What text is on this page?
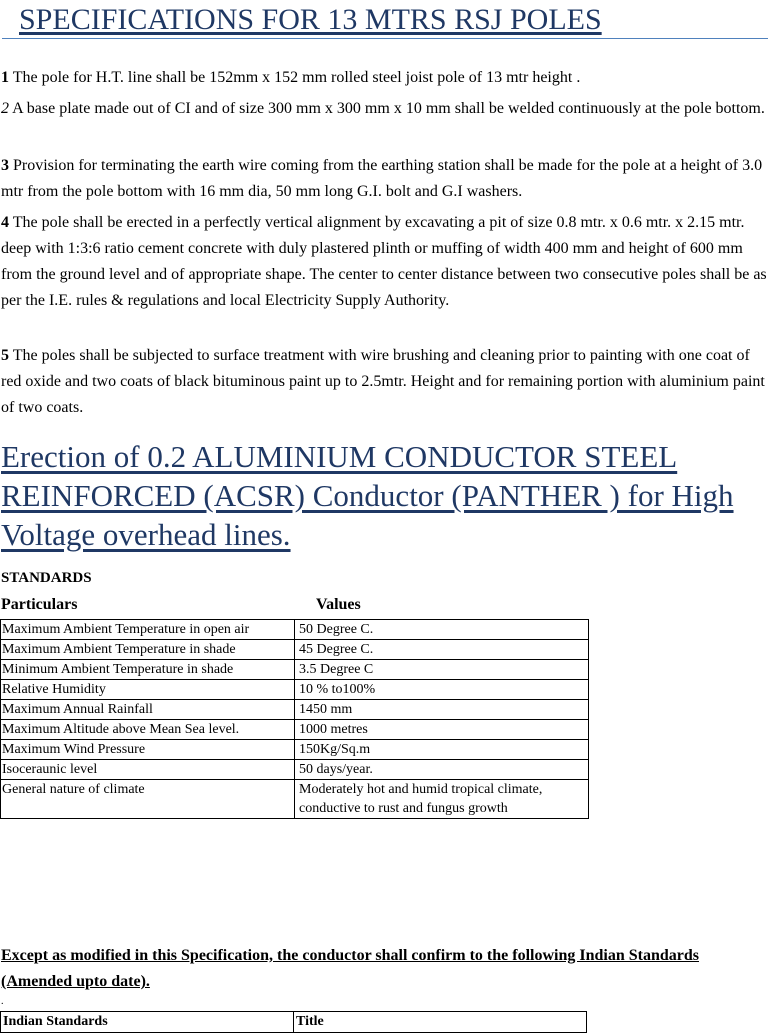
SPECIFICATIONS FOR 13 MTRS RSJ POLES
1 The pole for H.T. line shall be 152mm x 152 mm rolled steel joist pole of 13 mtr height .
2 A base plate made out of CI and of size 300 mm x 300 mm x 10 mm shall be welded continuously at the pole bottom.
3 Provision for terminating the earth wire coming from the earthing station shall be made for the pole at a height of 3.0 mtr from the pole bottom with 16 mm dia, 50 mm long G.I. bolt and G.I washers.
4 The pole shall be erected in a perfectly vertical alignment by excavating a pit of size 0.8 mtr. x 0.6 mtr. x 2.15 mtr. deep with 1:3:6 ratio cement concrete with duly plastered plinth or muffing of width 400 mm and height of 600 mm from the ground level and of appropriate shape. The center to center distance between two consecutive poles shall be as per the I.E. rules & regulations and local Electricity Supply Authority.
5 The poles shall be subjected to surface treatment with wire brushing and cleaning prior to painting with one coat of red oxide and two coats of black bituminous paint up to 2.5mtr. Height and for remaining portion with aluminium paint of two coats.
Erection of 0.2 ALUMINIUM CONDUCTOR STEEL REINFORCED (ACSR) Conductor (PANTHER ) for High Voltage overhead lines.
STANDARDS
Particulars	Values
Maximum Ambient Temperature in open air	50 Degree C.
Maximum Ambient Temperature in shade	45 Degree C.
Minimum Ambient Temperature in shade	3.5 Degree C
Relative Humidity	10 % to100%
Maximum Annual Rainfall	1450 mm
Maximum Altitude above Mean Sea level.	1000 metres
Maximum Wind Pressure	150Kg/Sq.m
Isoceraunic level	50 days/year.
General nature of climate	Moderately hot and humid tropical climate, conductive to rust and fungus growth
Except as modified in this Specification, the conductor shall confirm to the following Indian Standards (Amended upto date).
.
Indian Standards	Title
